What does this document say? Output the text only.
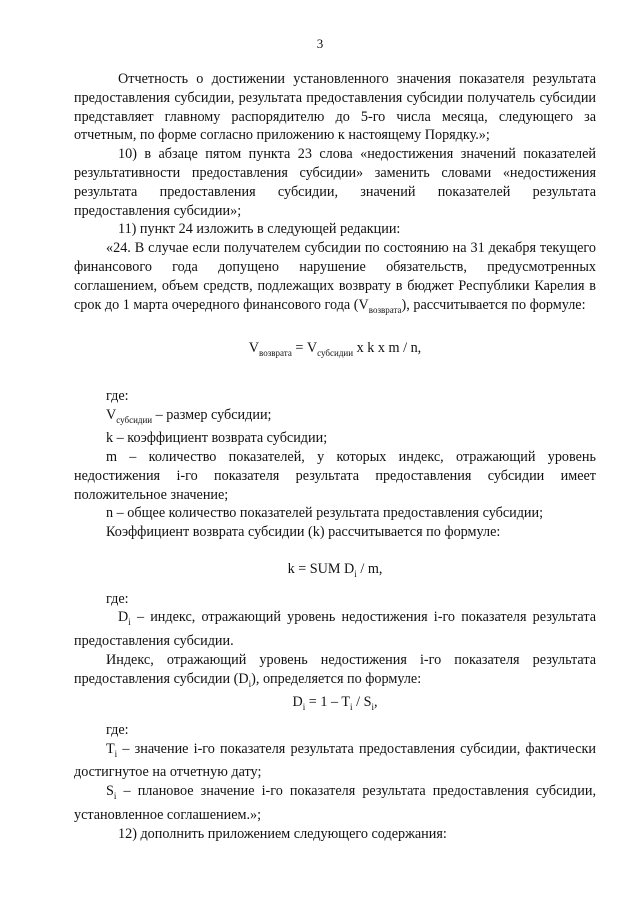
3

Отчетность о достижении установленного значения показателя результата предоставления субсидии, результата предоставления субсидии получатель субсидии представляет главному распорядителю до 5-го числа месяца, следующего за отчетным, по форме согласно приложению к настоящему Порядку.»;

10) в абзаце пятом пункта 23 слова «недостижения значений показателей результативности предоставления субсидии» заменить словами «недостижения результата предоставления субсидии, значений показателей результата предоставления субсидии»;

11) пункт 24 изложить в следующей редакции:

«24. В случае если получателем субсидии по состоянию на 31 декабря текущего финансового года допущено нарушение обязательств, предусмотренных соглашением, объем средств, подлежащих возврату в бюджет Республики Карелия в срок до 1 марта очередного финансового года $(V_{возврата})$, рассчитывается по формуле:

$V_{возврата} = V_{субсидии}$ x k x m / n,

где:

$V_{субсидии}$ – размер субсидии;

k – коэффициент возврата субсидии;

m – количество показателей, у которых индекс, отражающий уровень недостижения i-го показателя результата предоставления субсидии имеет положительное значение;

n – общее количество показателей результата предоставления субсидии;

Коэффициент возврата субсидии (k) рассчитывается по формуле:

k = SUM $D_i$ / m,

где:

$D_i$ – индекс, отражающий уровень недостижения i-го показателя результата предоставления субсидии.

Индекс, отражающий уровень недостижения i-го показателя результата предоставления субсидии $(D_i)$, определяется по формуле:

$D_i = 1 - T_i / S_i$,

где:

$T_i$ – значение i-го показателя результата предоставления субсидии, фактически достигнутое на отчетную дату;

$S_i$ – плановое значение i-го показателя результата предоставления субсидии, установленное соглашением.»;

12) дополнить приложением следующего содержания:
